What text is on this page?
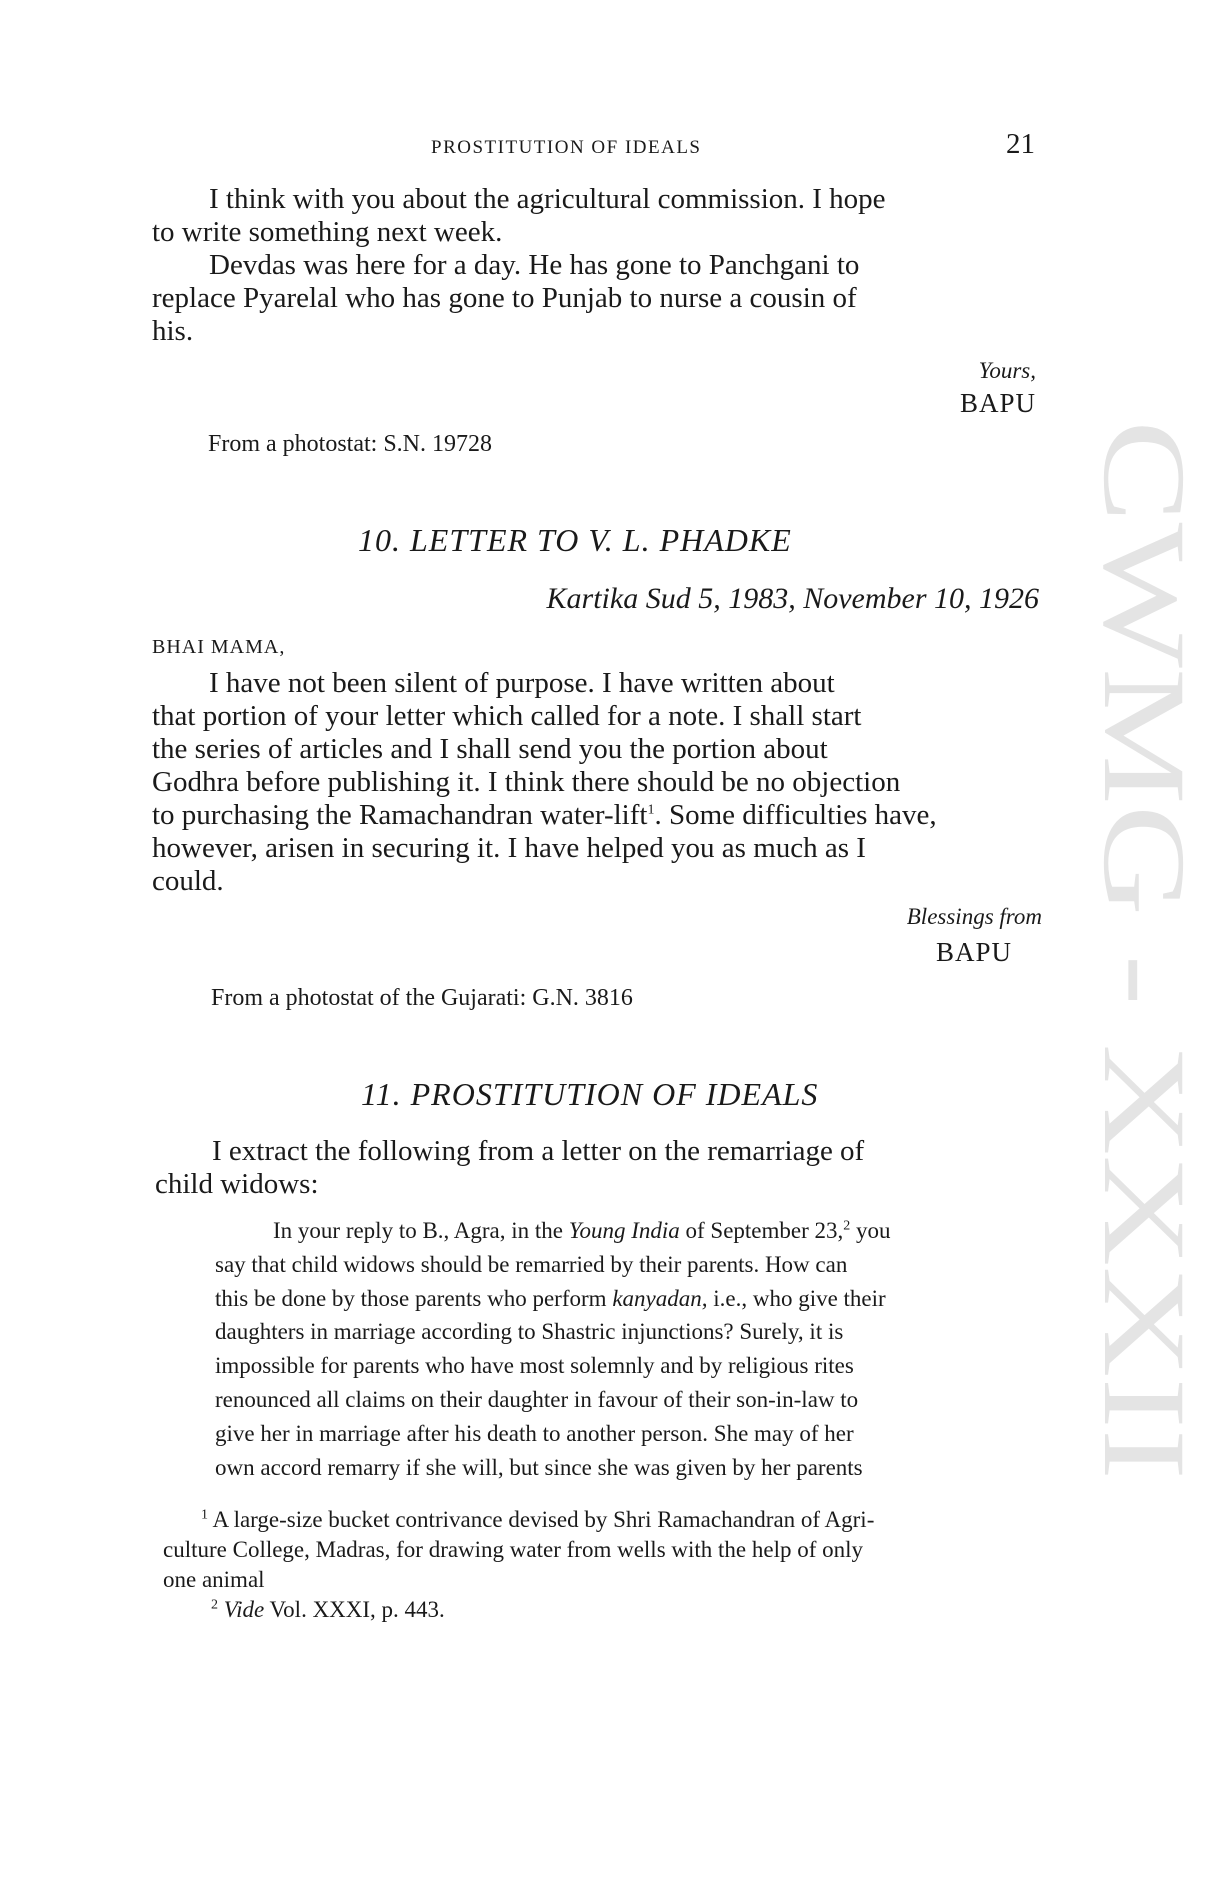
CWMG - XXXII
PROSTITUTION OF IDEALS	21
I think with you about the agricultural commission. I hope
to write something next week.
Devdas was here for a day. He has gone to Panchgani to
replace Pyarelal who has gone to Punjab to nurse a cousin of
his.
Yours,
BAPU
From a photostat: S.N. 19728
10. LETTER TO V. L. PHADKE
Kartika Sud 5, 1983, November 10, 1926
BHAI MAMA,
I have not been silent of purpose. I have written about
that portion of your letter which called for a note. I shall start
the series of articles and I shall send you the portion about
Godhra before publishing it. I think there should be no objection
to purchasing the Ramachandran water-lift$^1$. Some difficulties have,
however, arisen in securing it. I have helped you as much as I
could.
Blessings from
BAPU
From a photostat of the Gujarati: G.N. 3816
11. PROSTITUTION OF IDEALS
I extract the following from a letter on the remarriage of
child widows:
In your reply to B., Agra, in the Young India of September 23,$^2$ you
say that child widows should be remarried by their parents. How can
this be done by those parents who perform kanyadan, i.e., who give their
daughters in marriage according to Shastric injunctions? Surely, it is
impossible for parents who have most solemnly and by religious rites
renounced all claims on their daughter in favour of their son-in-law to
give her in marriage after his death to another person. She may of her
own accord remarry if she will, but since she was given by her parents
$^1$ A large-size bucket contrivance devised by Shri Ramachandran of Agri-
culture College, Madras, for drawing water from wells with the help of only
one animal
$^2$ Vide Vol. XXXI, p. 443.
